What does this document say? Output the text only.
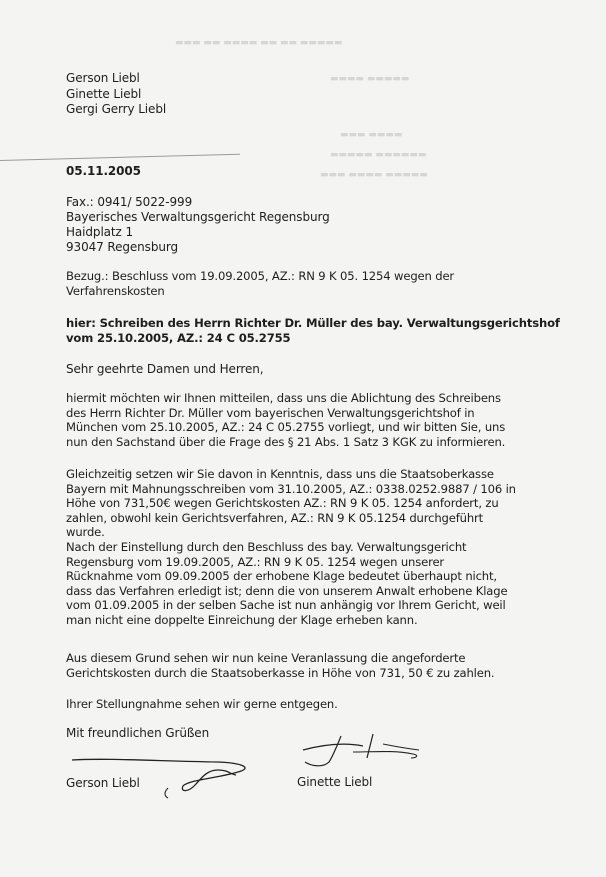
▬▬▬ ▬▬ ▬▬▬▬ ▬▬ ▬▬ ▬▬▬▬▬
▬▬▬▬ ▬▬▬▬▬
▬▬▬ ▬▬▬▬
▬▬▬▬▬ ▬▬▬▬▬▬
▬▬▬ ▬▬▬▬ ▬▬▬▬▬
Gerson Liebl
Ginette Liebl
Gergi Gerry Liebl
05.11.2005
Fax.: 0941/ 5022-999
Bayerisches Verwaltungsgericht Regensburg
Haidplatz 1
93047 Regensburg
Bezug.: Beschluss vom 19.09.2005, AZ.: RN 9 K 05. 1254 wegen der
Verfahrenskosten
hier: Schreiben des Herrn Richter Dr. Müller des bay. Verwaltungsgerichtshof
vom 25.10.2005, AZ.: 24 C 05.2755
Sehr geehrte Damen und Herren,
hiermit möchten wir Ihnen mitteilen, dass uns die Ablichtung des Schreibens
des Herrn Richter Dr. Müller vom bayerischen Verwaltungsgerichtshof in
München vom 25.10.2005, AZ.: 24 C 05.2755 vorliegt, und wir bitten Sie, uns
nun den Sachstand über die Frage des § 21 Abs. 1 Satz 3 KGK zu informieren.
Gleichzeitig setzen wir Sie davon in Kenntnis, dass uns die Staatsoberkasse
Bayern mit Mahnungsschreiben vom 31.10.2005, AZ.: 0338.0252.9887 / 106 in
Höhe von 731,50€ wegen Gerichtskosten AZ.: RN 9 K 05. 1254 anfordert, zu
zahlen, obwohl kein Gerichtsverfahren, AZ.: RN 9 K 05.1254 durchgeführt
wurde.
Nach der Einstellung durch den Beschluss des bay. Verwaltungsgericht
Regensburg vom 19.09.2005, AZ.: RN 9 K 05. 1254 wegen unserer
Rücknahme vom 09.09.2005 der erhobene Klage bedeutet überhaupt nicht,
dass das Verfahren erledigt ist; denn die von unserem Anwalt erhobene Klage
vom 01.09.2005 in der selben Sache ist nun anhängig vor Ihrem Gericht, weil
man nicht eine doppelte Einreichung der Klage erheben kann.
Aus diesem Grund sehen wir nun keine Veranlassung die angeforderte
Gerichtskosten durch die Staatsoberkasse in Höhe von 731, 50 € zu zahlen.
Ihrer Stellungnahme sehen wir gerne entgegen.
Mit freundlichen Grüßen
Gerson Liebl	Ginette Liebl
